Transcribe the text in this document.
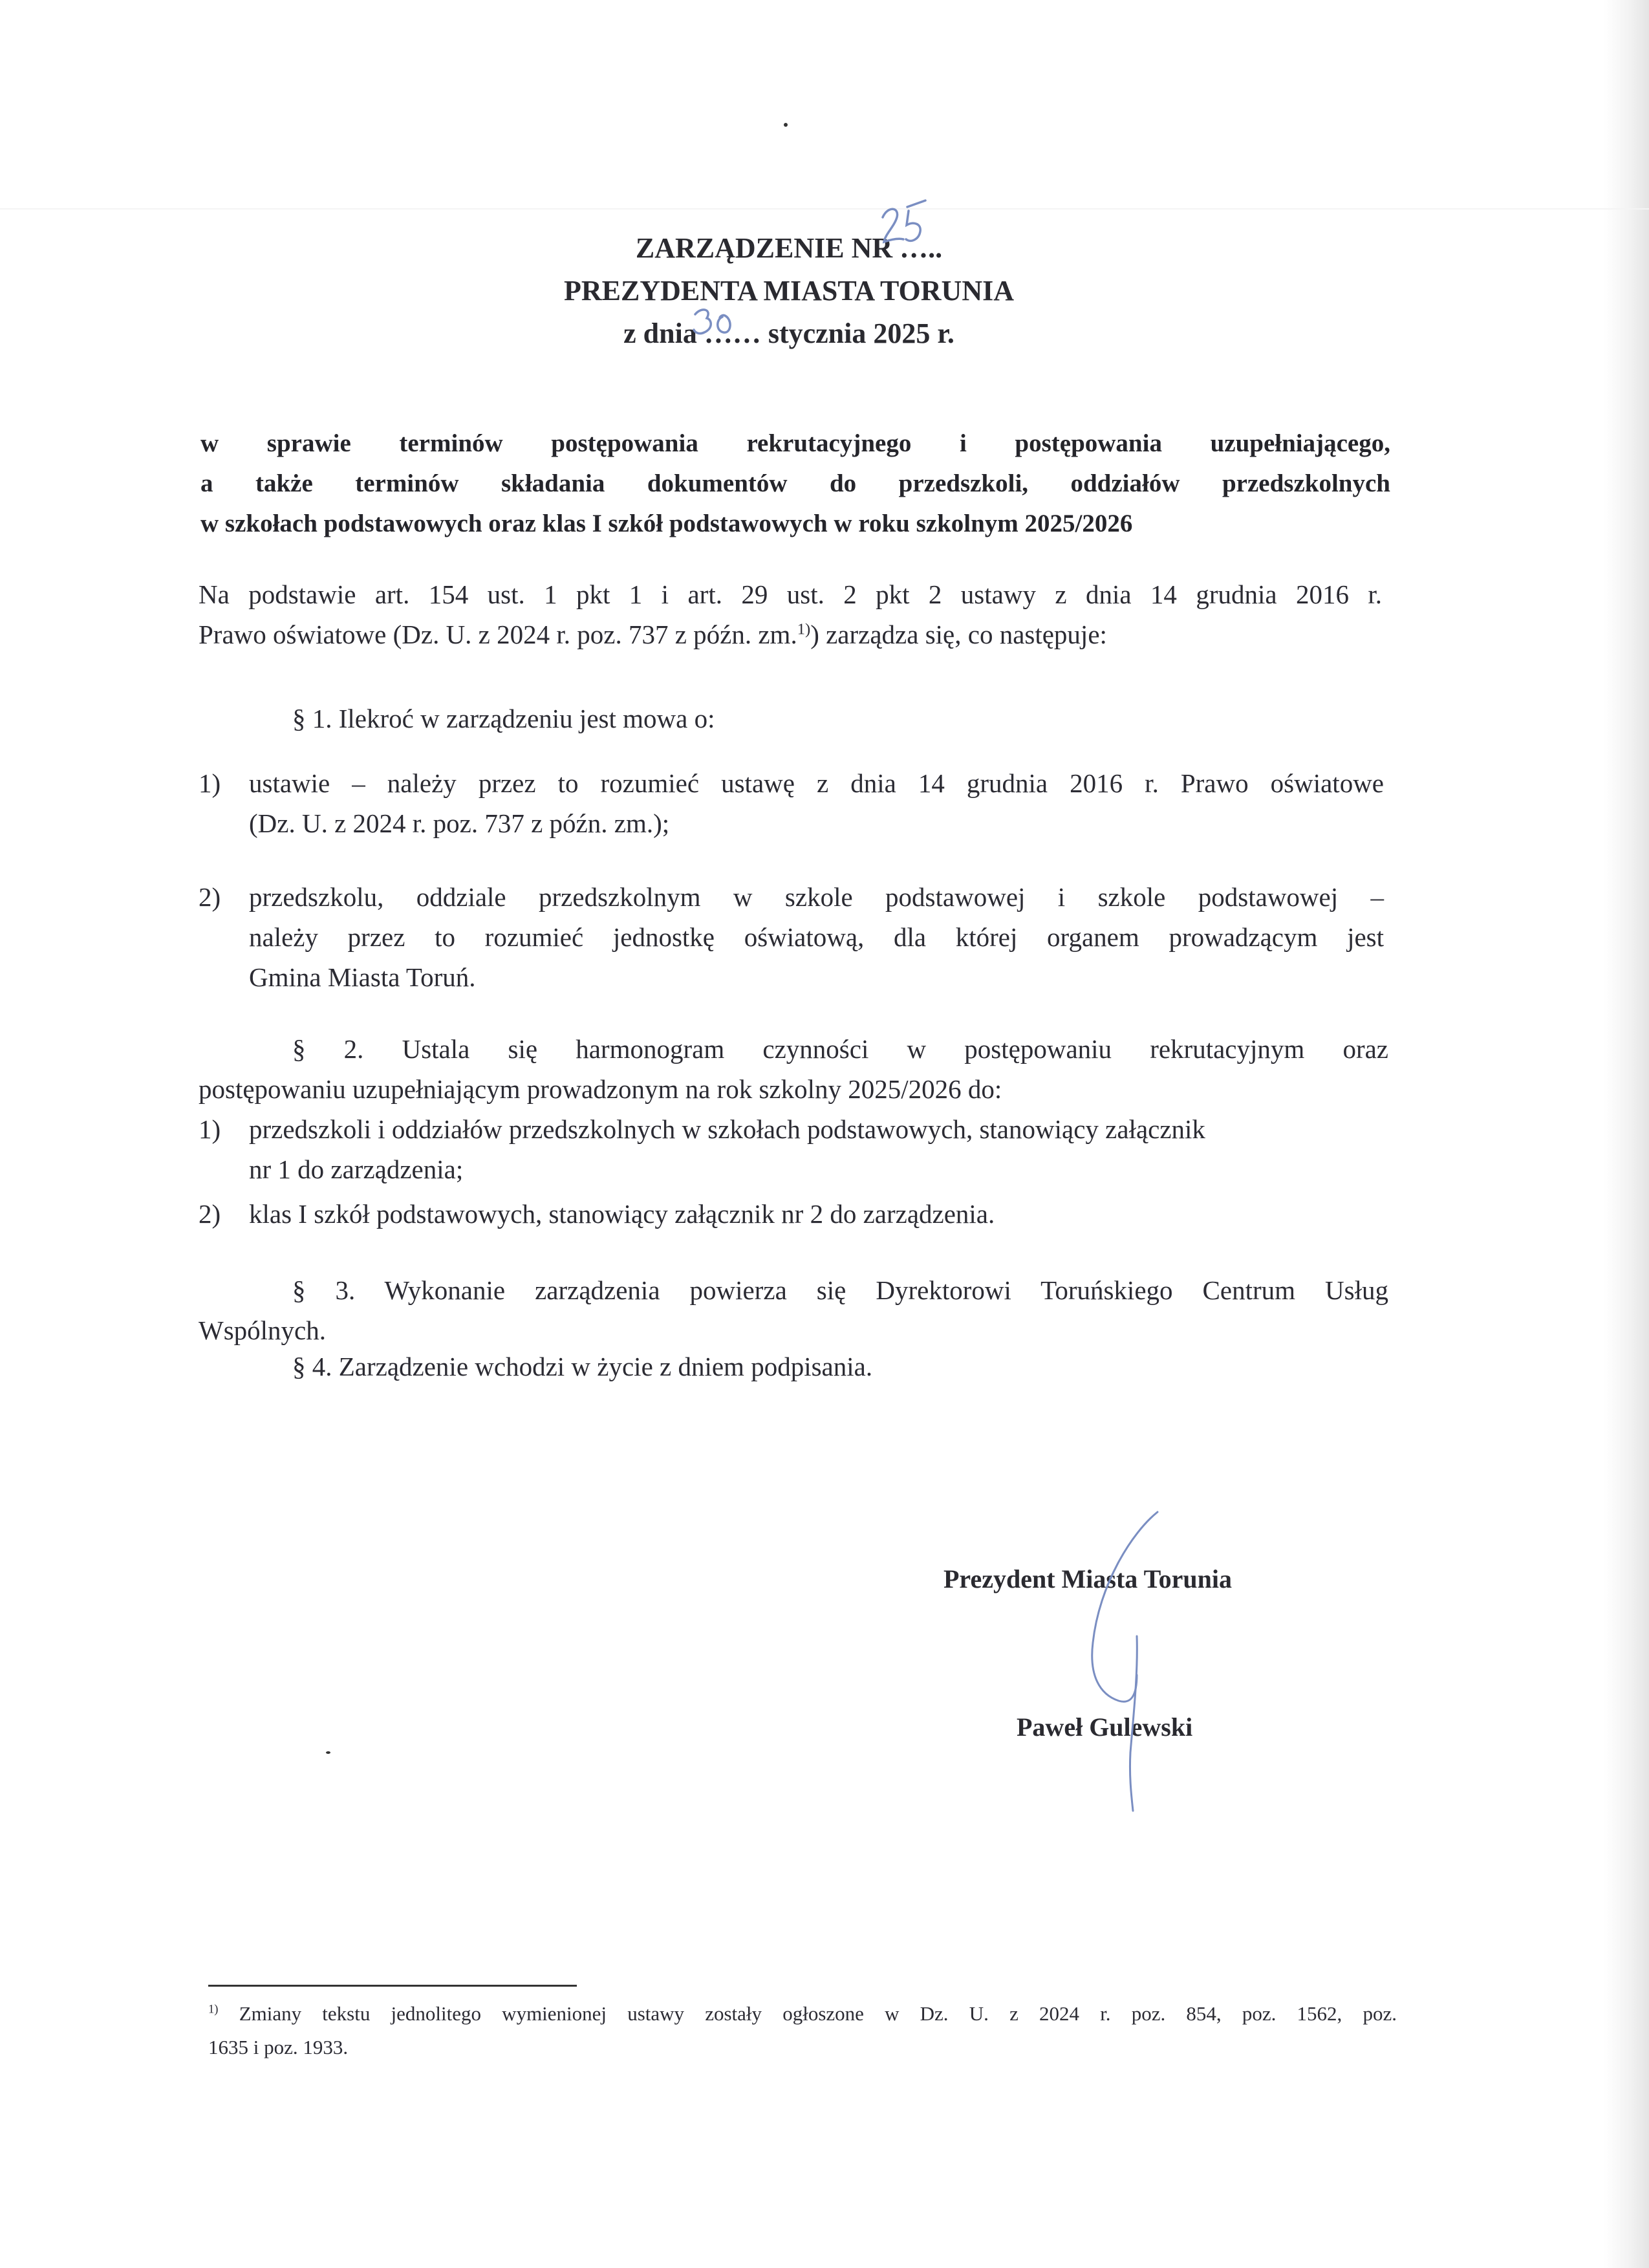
ZARZĄDZENIE NR …..
PREZYDENTA MIASTA TORUNIA
z dnia …… stycznia 2025 r.
w sprawie terminów postępowania rekrutacyjnego i postępowania uzupełniającego,
a także terminów składania dokumentów do przedszkoli, oddziałów przedszkolnych
w szkołach podstawowych oraz klas I szkół podstawowych w roku szkolnym 2025/2026
Na podstawie art. 154 ust. 1 pkt 1 i art. 29 ust. 2 pkt 2 ustawy z dnia 14 grudnia 2016 r.
Prawo oświatowe (Dz. U. z 2024 r. poz. 737 z późn. zm.$^{1)}$) zarządza się, co następuje:
§ 1. Ilekroć w zarządzeniu jest mowa o:
1) ustawie – należy przez to rozumieć ustawę z dnia 14 grudnia 2016 r. Prawo oświatowe
(Dz. U. z 2024 r. poz. 737 z późn. zm.);
2) przedszkolu, oddziale przedszkolnym w szkole podstawowej i szkole podstawowej –
należy przez to rozumieć jednostkę oświatową, dla której organem prowadzącym jest
Gmina Miasta Toruń.
§ 2. Ustala się harmonogram czynności w postępowaniu rekrutacyjnym oraz
postępowaniu uzupełniającym prowadzonym na rok szkolny 2025/2026 do:
1) przedszkoli i oddziałów przedszkolnych w szkołach podstawowych, stanowiący załącznik
nr 1 do zarządzenia;
2) klas I szkół podstawowych, stanowiący załącznik nr 2 do zarządzenia.
§ 3. Wykonanie zarządzenia powierza się Dyrektorowi Toruńskiego Centrum Usług
Wspólnych.
§ 4. Zarządzenie wchodzi w życie z dniem podpisania.
Prezydent Miasta Torunia
Paweł Gulewski
$^{1)}$ Zmiany tekstu jednolitego wymienionej ustawy zostały ogłoszone w Dz. U. z 2024 r. poz. 854, poz. 1562, poz.
1635 i poz. 1933.
